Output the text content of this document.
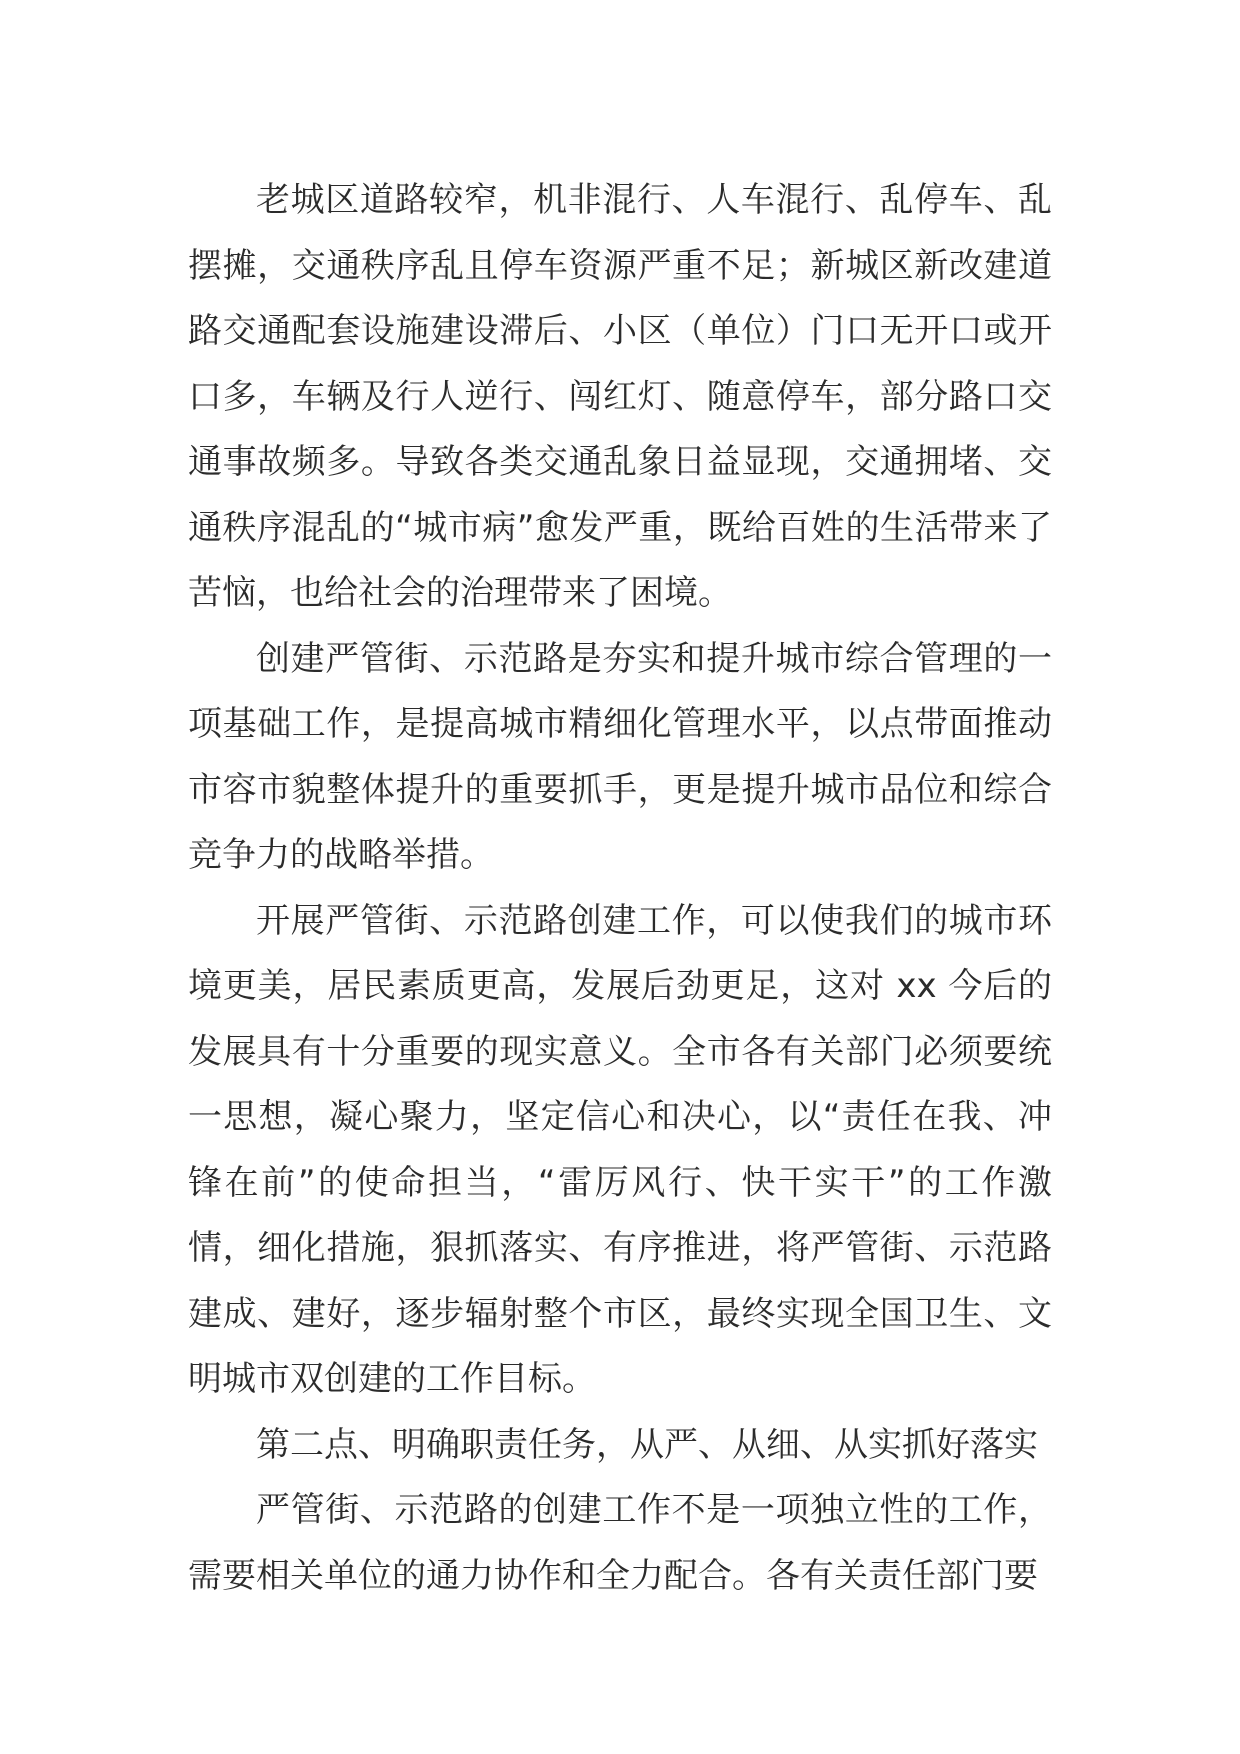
老城区道路较窄，机非混行、人车混行、乱停车、乱摆摊，交通秩序乱且停车资源严重不足；新城区新改建道路交通配套设施建设滞后、小区（单位）门口无开口或开口多，车辆及行人逆行、闯红灯、随意停车，部分路口交通事故频多。导致各类交通乱象日益显现，交通拥堵、交通秩序混乱的“城市病”愈发严重，既给百姓的生活带来了苦恼，也给社会的治理带来了困境。

创建严管街、示范路是夯实和提升城市综合管理的一项基础工作，是提高城市精细化管理水平，以点带面推动市容市貌整体提升的重要抓手，更是提升城市品位和综合竞争力的战略举措。

开展严管街、示范路创建工作，可以使我们的城市环境更美，居民素质更高，发展后劲更足，这对 xx 今后的发展具有十分重要的现实意义。全市各有关部门必须要统一思想，凝心聚力，坚定信心和决心，以“责任在我、冲锋在前”的使命担当，“雷厉风行、快干实干”的工作激情，细化措施，狠抓落实、有序推进，将严管街、示范路建成、建好，逐步辐射整个市区，最终实现全国卫生、文明城市双创建的工作目标。

第二点、明确职责任务，从严、从细、从实抓好落实

严管街、示范路的创建工作不是一项独立性的工作，需要相关单位的通力协作和全力配合。各有关责任部门要
